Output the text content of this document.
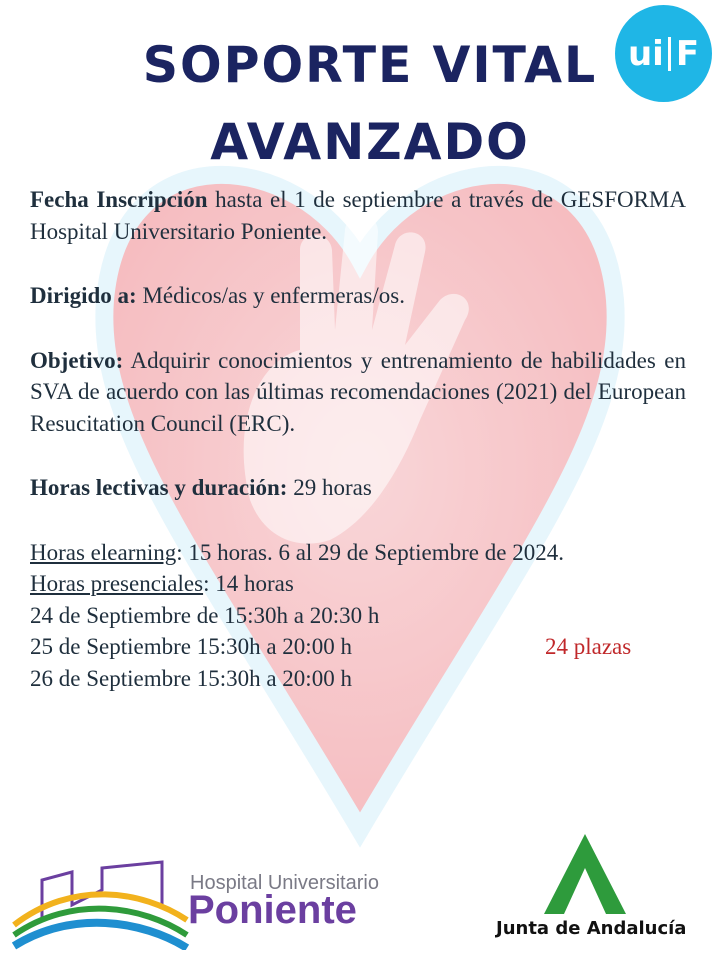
SOPORTE VITAL
AVANZADO
ui F

Fecha Inscripción hasta el 1 de septiembre a través de GESFORMA Hospital Universitario Poniente.

Dirigido a: Médicos/as y enfermeras/os.

Objetivo: Adquirir conocimientos y entrenamiento de habilidades en SVA de acuerdo con las últimas recomendaciones (2021) del European Resucitation Council (ERC).

Horas lectivas y duración: 29 horas

Horas elearning: 15 horas. 6 al 29 de Septiembre de 2024.

Horas presenciales: 14 horas

24 de Septiembre de 15:30h a 20:30 h

25 de Septiembre 15:30h a 20:00 h	24 plazas

26 de Septiembre 15:30h a 20:00 h

Hospital Universitario
Poniente	Junta de Andalucía
